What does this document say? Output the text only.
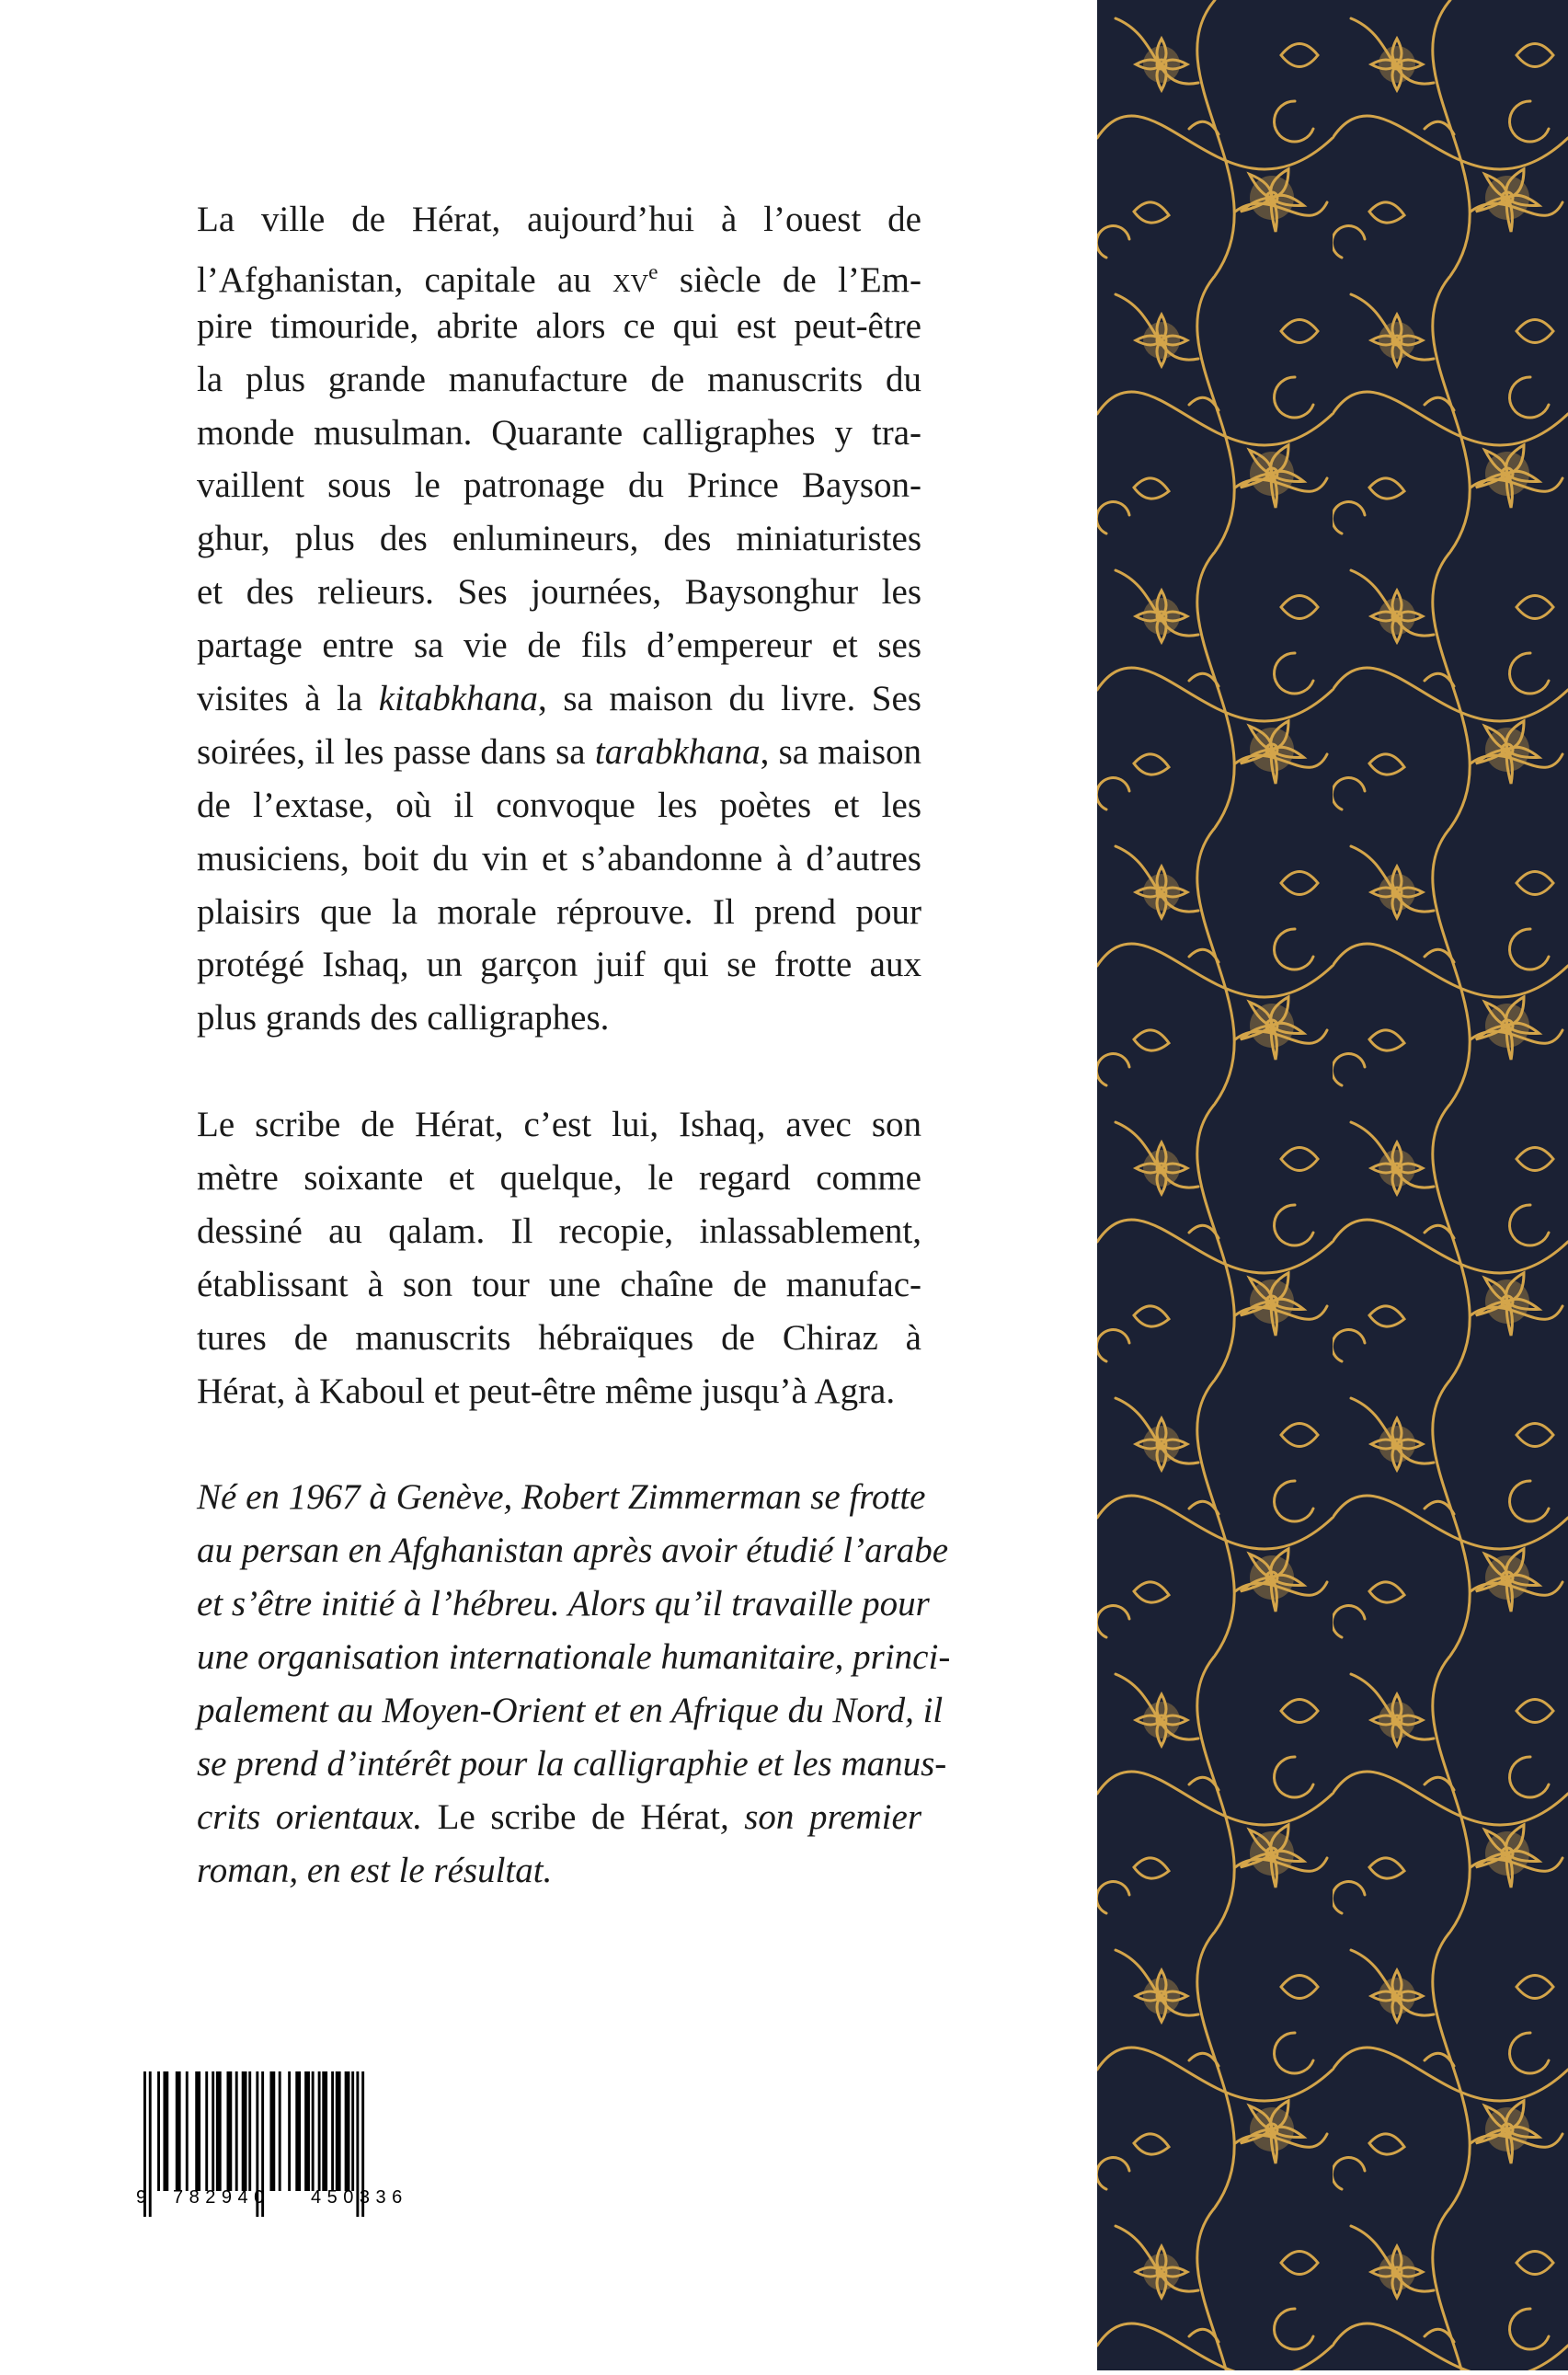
La ville de Hérat, aujourd’hui à l’ouest de
l’Afghanistan, capitale au $xv^e$ siècle de l’Em-
pire timouride, abrite alors ce qui est peut-être
la plus grande manufacture de manuscrits du
monde musulman. Quarante calligraphes y tra-
vaillent sous le patronage du Prince Bayson-
ghur, plus des enlumineurs, des miniaturistes
et des relieurs. Ses journées, Baysonghur les
partage entre sa vie de fils d’empereur et ses
visites à la kitabkhana, sa maison du livre. Ses
soirées, il les passe dans sa tarabkhana, sa maison
de l’extase, où il convoque les poètes et les
musiciens, boit du vin et s’abandonne à d’autres
plaisirs que la morale réprouve. Il prend pour
protégé Ishaq, un garçon juif qui se frotte aux
plus grands des calligraphes.
Le scribe de Hérat, c’est lui, Ishaq, avec son
mètre soixante et quelque, le regard comme
dessiné au qalam. Il recopie, inlassablement,
établissant à son tour une chaîne de manufac-
tures de manuscrits hébraïques de Chiraz à
Hérat, à Kaboul et peut-être même jusqu’à Agra.
Né en 1967 à Genève, Robert Zimmerman se frotte
au persan en Afghanistan après avoir étudié l’arabe
et s’être initié à l’hébreu. Alors qu’il travaille pour
une organisation internationale humanitaire, princi-
palement au Moyen-Orient et en Afrique du Nord, il
se prend d’intérêt pour la calligraphie et les manus-
crits orientaux. Le scribe de Hérat, son premier
roman, en est le résultat.
9 782940 450336
